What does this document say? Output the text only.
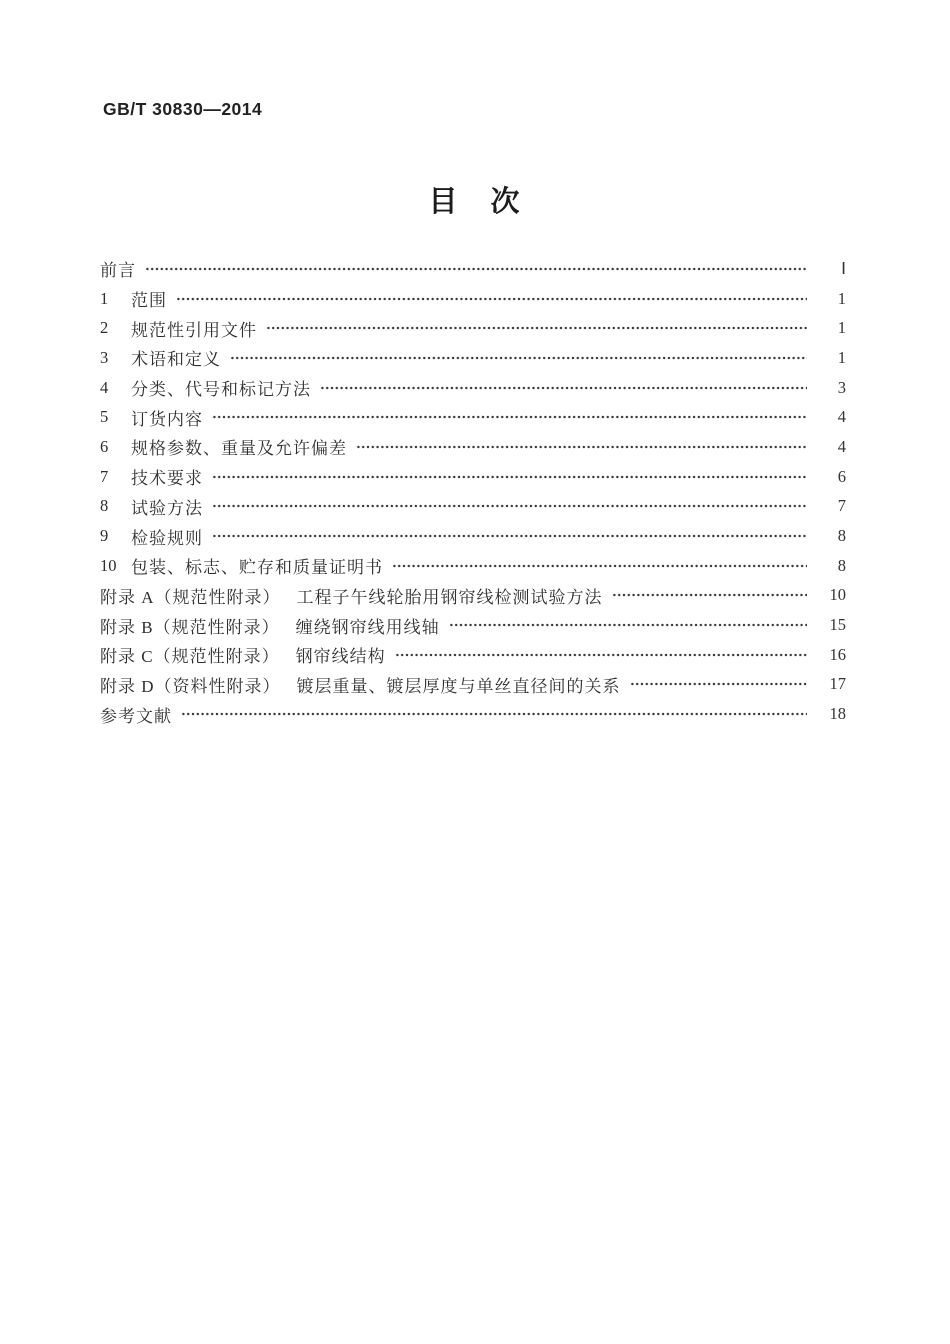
GB/T 30830—2014
目　次
前言	Ⅰ
1	范围	1
2	规范性引用文件	1
3	术语和定义	1
4	分类、代号和标记方法	3
5	订货内容	4
6	规格参数、重量及允许偏差	4
7	技术要求	6
8	试验方法	7
9	检验规则	8
10 包装、标志、贮存和质量证明书	8
附录 A（规范性附录） 工程子午线轮胎用钢帘线检测试验方法	10
附录 B（规范性附录） 缠绕钢帘线用线轴	15
附录 C（规范性附录） 钢帘线结构	16
附录 D（资料性附录） 镀层重量、镀层厚度与单丝直径间的关系	17
参考文献	18
